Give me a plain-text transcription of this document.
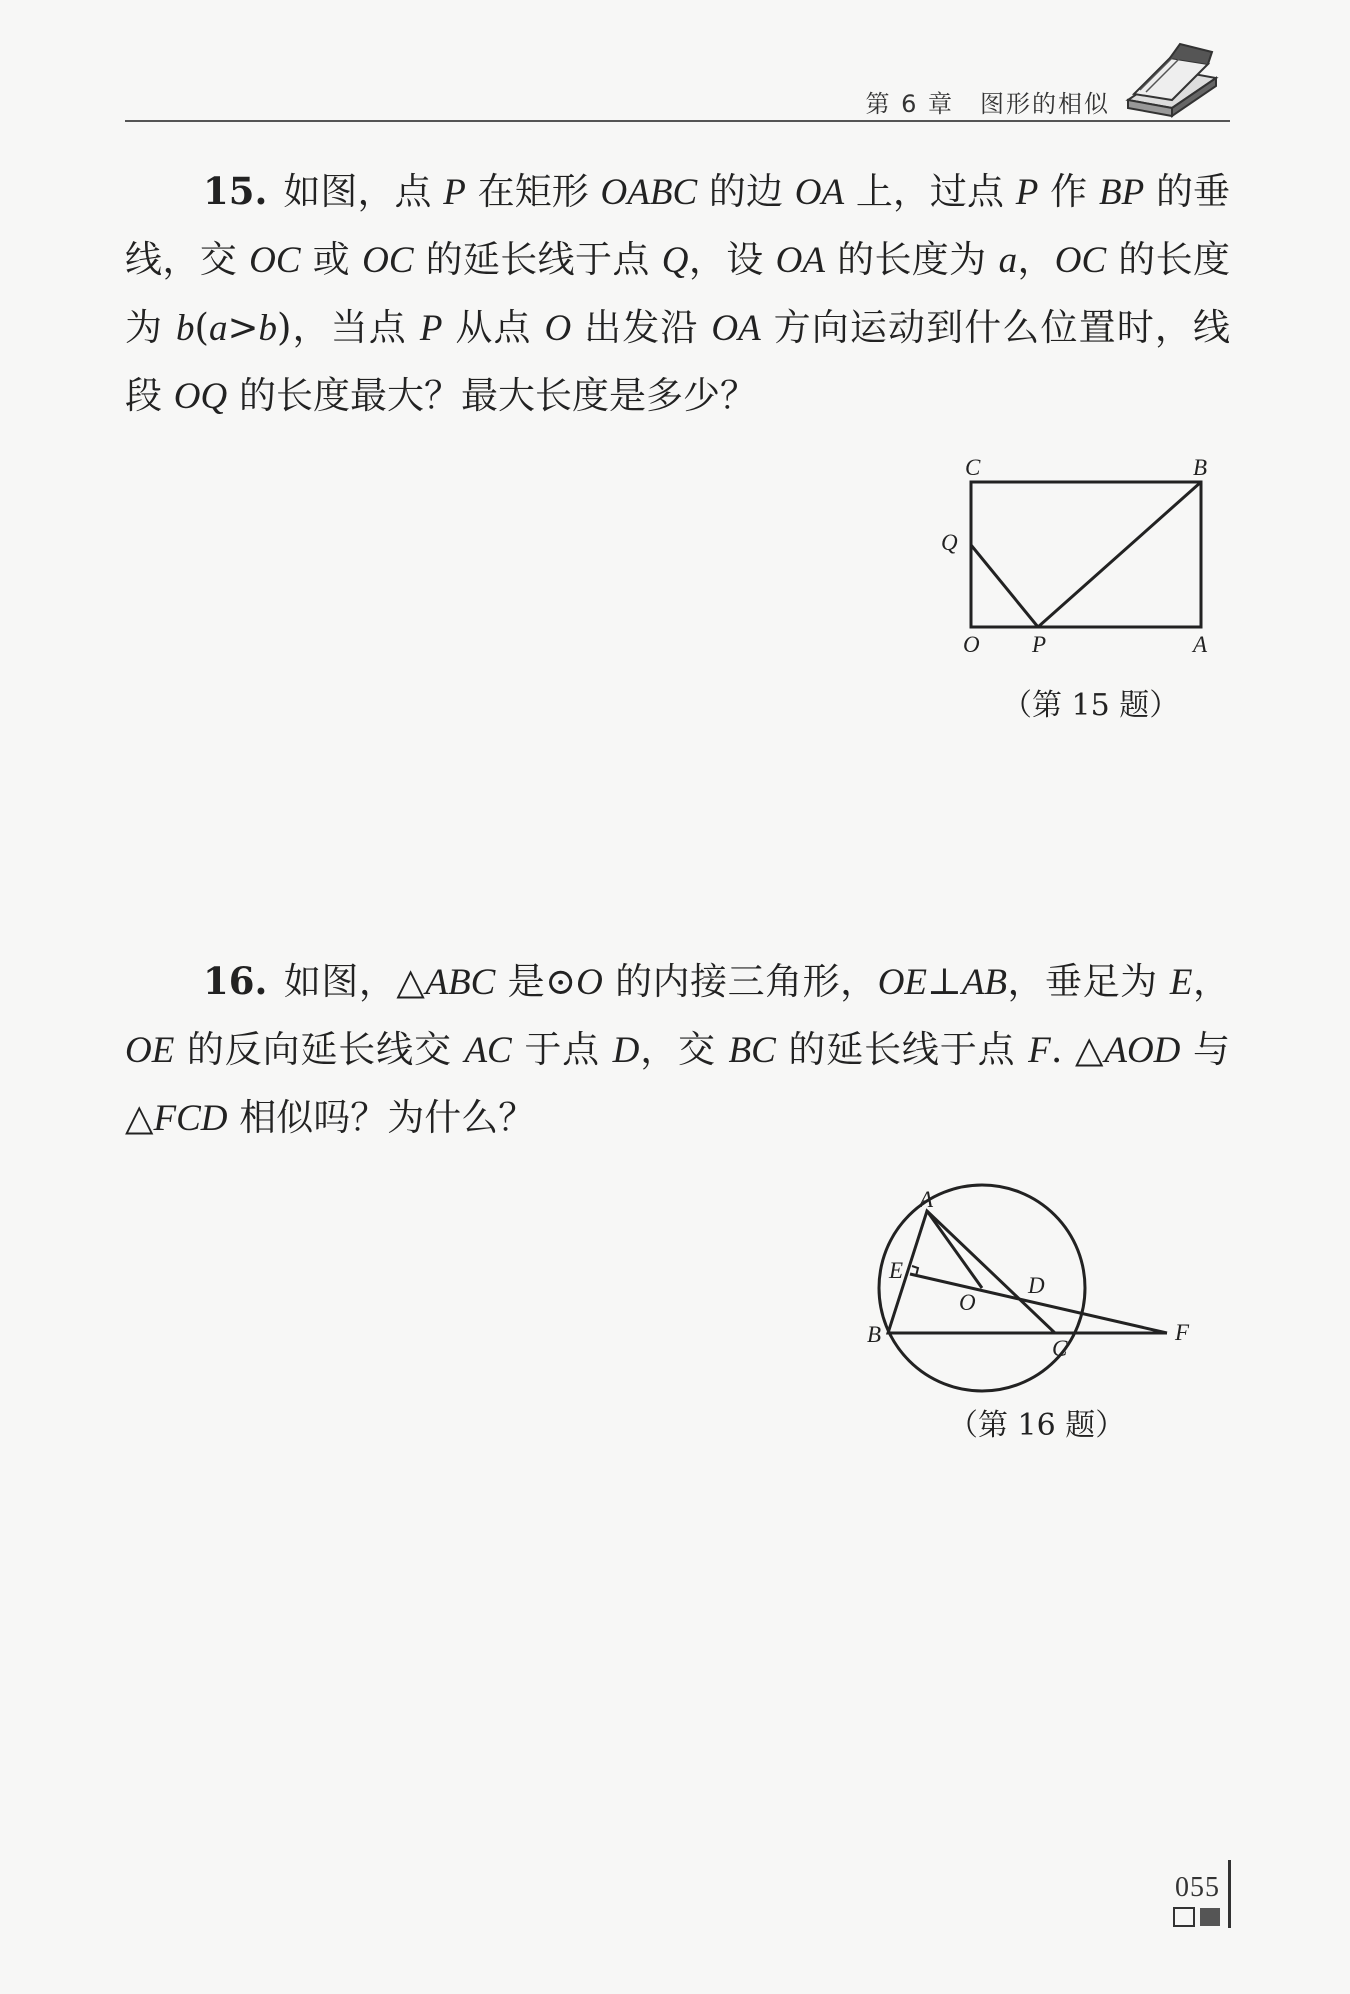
第 6 章 图形的相似
15. 如图，点 P 在矩形 OABC 的边 OA 上，过点 P 作 BP 的垂线，交 OC 或 OC 的延长线于点 Q，设 OA 的长度为 a，OC 的长度为 b(a>b)，当点 P 从点 O 出发沿 OA 方向运动到什么位置时，线段 OQ 的长度最大？最大长度是多少？
C	B
Q
O P	A
（第 15 题）
16. 如图，△ABC 是⊙O 的内接三角形，OE⊥AB，垂足为 E，OE 的反向延长线交 AC 于点 D，交 BC 的延长线于点 F. △AOD 与△FCD 相似吗？为什么？
A
E
O
D
B
C
F
（第 16 题）
055
